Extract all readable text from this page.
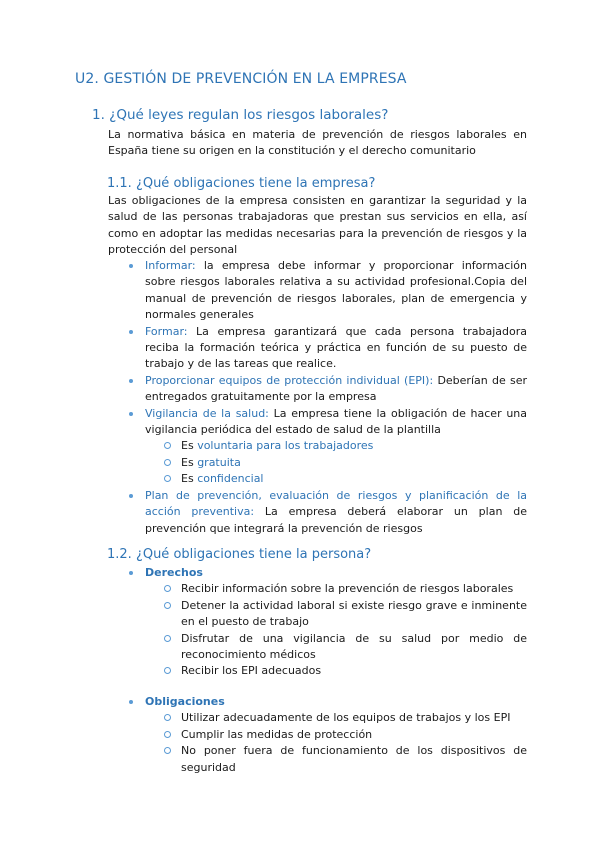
U2. GESTIÓN DE PREVENCIÓN EN LA EMPRESA
1. ¿Qué leyes regulan los riesgos laborales?

La normativa básica en materia de prevención de riesgos laborales en España tiene su origen en la constitución y el derecho comunitario

1.1. ¿Qué obligaciones tiene la empresa?

Las obligaciones de la empresa consisten en garantizar la seguridad y la salud de las personas trabajadoras que prestan sus servicios en ella, así como en adoptar las medidas necesarias para la prevención de riesgos y la protección del personal

Informar: la empresa debe informar y proporcionar información sobre riesgos laborales relativa a su actividad profesional.Copia del manual de prevención de riesgos laborales, plan de emergencia y normales generales
Formar: La empresa garantizará que cada persona trabajadora reciba la formación teórica y práctica en función de su puesto de trabajo y de las tareas que realice.
Proporcionar equipos de protección individual (EPI): Deberían de ser entregados gratuitamente por la empresa
Vigilancia de la salud: La empresa tiene la obligación de hacer una vigilancia periódica del estado de salud de la plantilla
Es voluntaria para los trabajadores
Es gratuita
Es confidencial
Plan de prevención, evaluación de riesgos y planificación de la acción preventiva: La empresa deberá elaborar un plan de prevención que integrará la prevención de riesgos
1.2. ¿Qué obligaciones tiene la persona?
Derechos
Recibir información sobre la prevención de riesgos laborales
Detener la actividad laboral si existe riesgo grave e inminente en el puesto de trabajo
Disfrutar de una vigilancia de su salud por medio de reconocimiento médicos
Recibir los EPI adecuados
Obligaciones
Utilizar adecuadamente de los equipos de trabajos y los EPI
Cumplir las medidas de protección
No poner fuera de funcionamiento de los dispositivos de seguridad
